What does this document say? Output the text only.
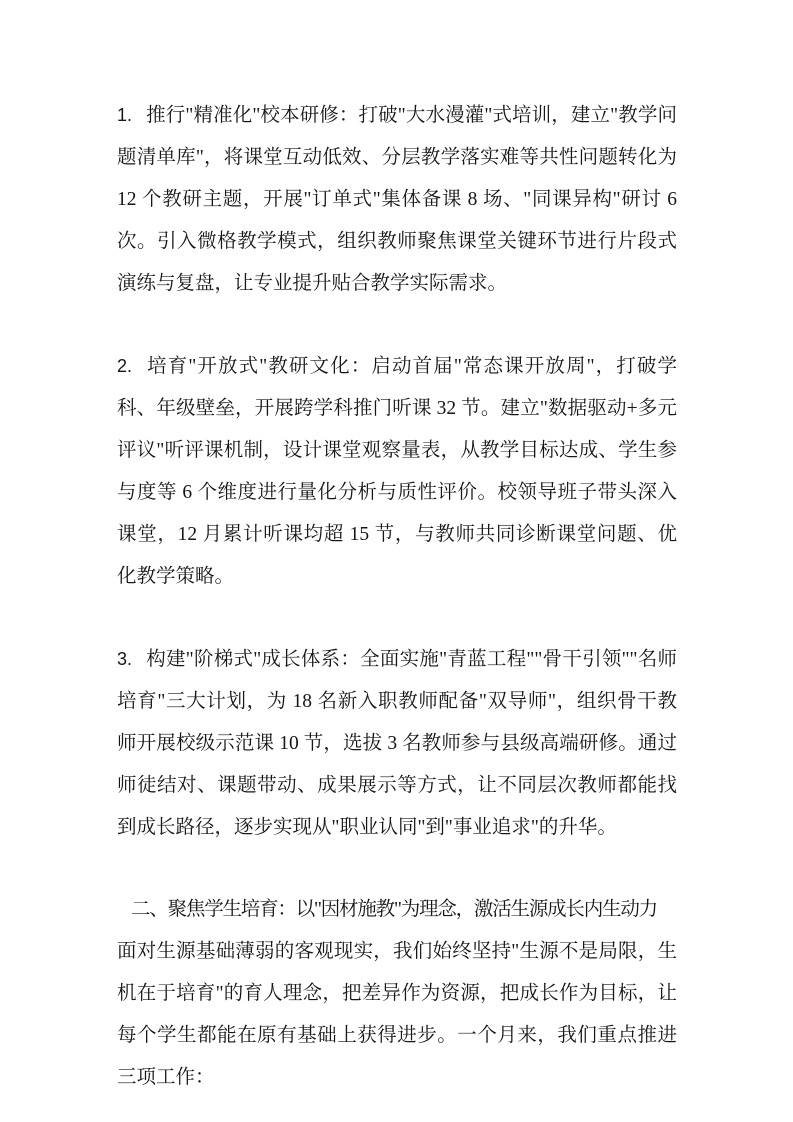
1. 推行"精准化"校本研修：打破"大水漫灌"式培训，建立"教学问题清单库"，将课堂互动低效、分层教学落实难等共性问题转化为 12 个教研主题，开展"订单式"集体备课 8 场、"同课异构"研讨 6 次。引入微格教学模式，组织教师聚焦课堂关键环节进行片段式演练与复盘，让专业提升贴合教学实际需求。

2. 培育"开放式"教研文化：启动首届"常态课开放周"，打破学科、年级壁垒，开展跨学科推门听课 32 节。建立"数据驱动+多元评议"听评课机制，设计课堂观察量表，从教学目标达成、学生参与度等 6 个维度进行量化分析与质性评价。校领导班子带头深入课堂，12 月累计听课均超 15 节，与教师共同诊断课堂问题、优化教学策略。

3. 构建"阶梯式"成长体系：全面实施"青蓝工程""骨干引领""名师培育"三大计划，为 18 名新入职教师配备"双导师"，组织骨干教师开展校级示范课 10 节，选拔 3 名教师参与县级高端研修。通过师徒结对、课题带动、成果展示等方式，让不同层次教师都能找到成长路径，逐步实现从"职业认同"到"事业追求"的升华。

二、聚焦学生培育：以"因材施教"为理念，激活生源成长内生动力

面对生源基础薄弱的客观现实，我们始终坚持"生源不是局限，生机在于培育"的育人理念，把差异作为资源，把成长作为目标，让每个学生都能在原有基础上获得进步。一个月来，我们重点推进三项工作：
